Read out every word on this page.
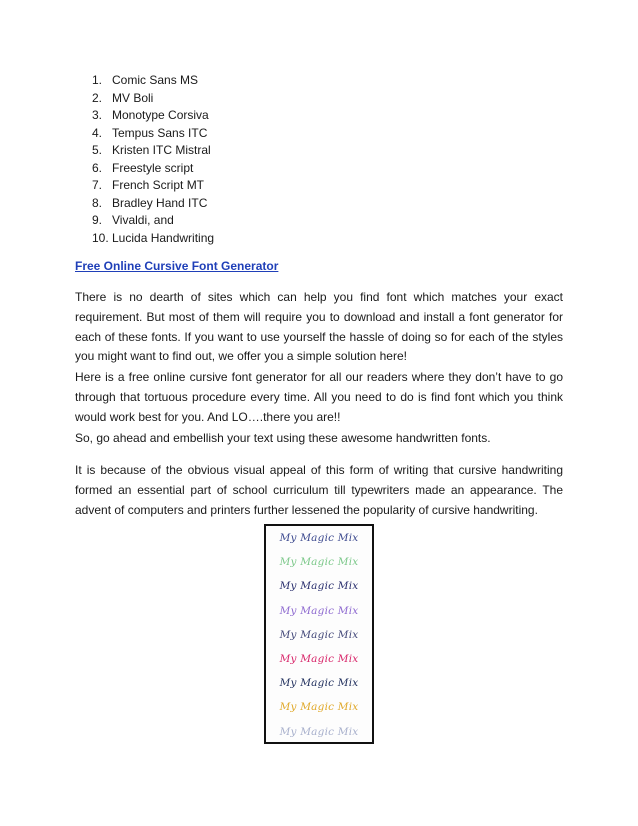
1. Comic Sans MS
2. MV Boli
3. Monotype Corsiva
4. Tempus Sans ITC
5. Kristen ITC Mistral
6. Freestyle script
7. French Script MT
8. Bradley Hand ITC
9. Vivaldi, and
10. Lucida Handwriting
Free Online Cursive Font Generator

There is no dearth of sites which can help you find font which matches your exact requirement. But most of them will require you to download and install a font generator for each of these fonts. If you want to use yourself the hassle of doing so for each of the styles you might want to find out, we offer you a simple solution here!

Here is a free online cursive font generator for all our readers where they don’t have to go through that tortuous procedure every time. All you need to do is find font which you think would work best for you. And LO….there you are!!

So, go ahead and embellish your text using these awesome handwritten fonts.

It is because of the obvious visual appeal of this form of writing that cursive handwriting formed an essential part of school curriculum till typewriters made an appearance. The advent of computers and printers further lessened the popularity of cursive handwriting.

My Magic Mix
My Magic Mix
My Magic Mix
My Magic Mix
My Magic Mix
My Magic Mix
My Magic Mix
My Magic Mix
My Magic Mix
